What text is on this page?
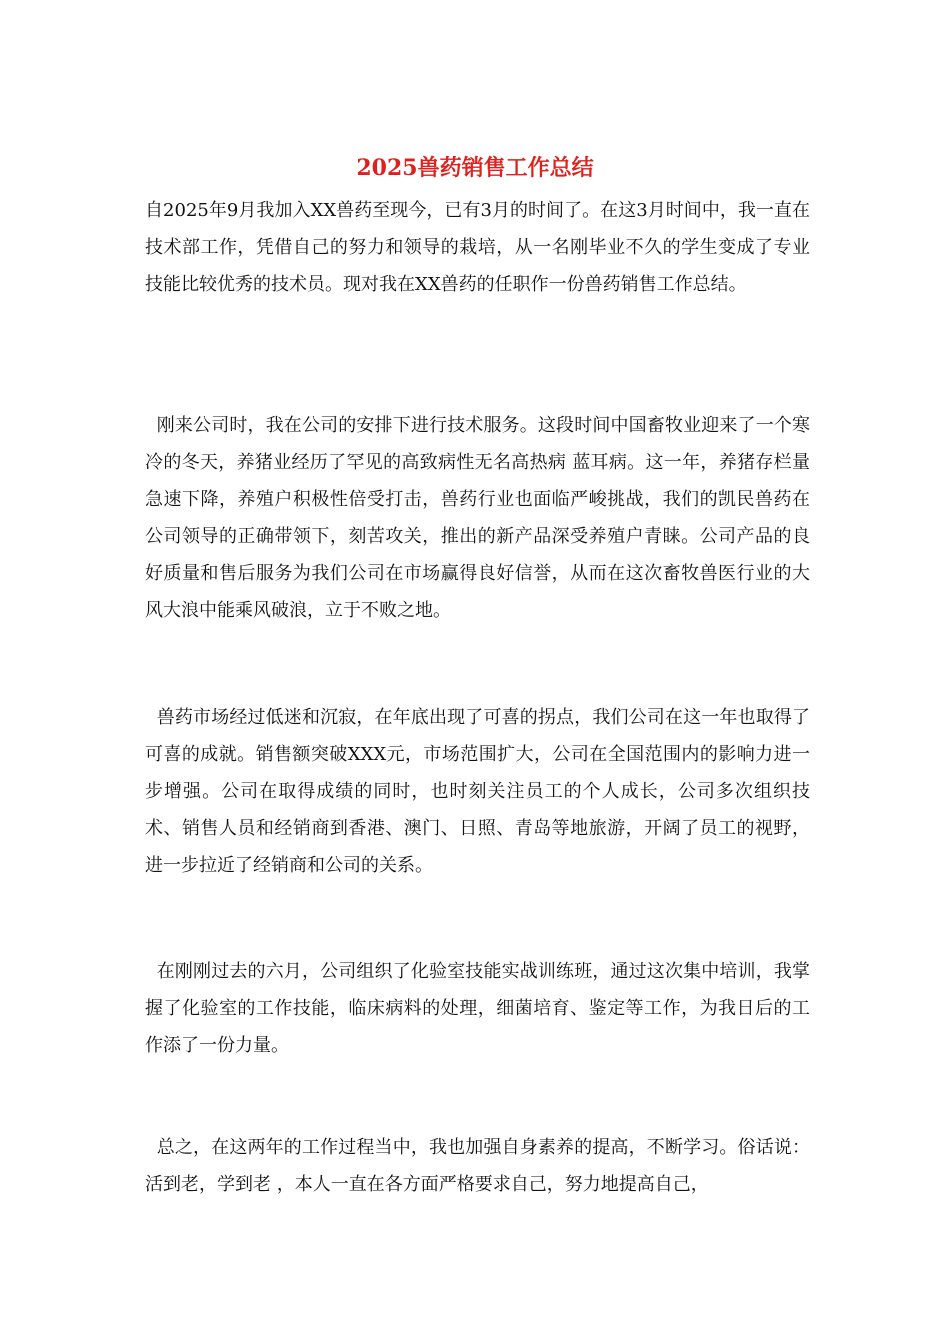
2025兽药销售工作总结

自2025年9月我加入XX兽药至现今，已有3月的时间了。在这3月时间中，我一直在技术部工作，凭借自己的努力和领导的栽培，从一名刚毕业不久的学生变成了专业技能比较优秀的技术员。现对我在XX兽药的任职作一份兽药销售工作总结。

刚来公司时，我在公司的安排下进行技术服务。这段时间中国畜牧业迎来了一个寒冷的冬天，养猪业经历了罕见的高致病性无名高热病 蓝耳病。这一年，养猪存栏量急速下降，养殖户积极性倍受打击，兽药行业也面临严峻挑战，我们的凯民兽药在公司领导的正确带领下，刻苦攻关，推出的新产品深受养殖户青睐。公司产品的良好质量和售后服务为我们公司在市场赢得良好信誉，从而在这次畜牧兽医行业的大风大浪中能乘风破浪，立于不败之地。

兽药市场经过低迷和沉寂，在年底出现了可喜的拐点，我们公司在这一年也取得了可喜的成就。销售额突破XXX元，市场范围扩大，公司在全国范围内的影响力进一步增强。公司在取得成绩的同时，也时刻关注员工的个人成长，公司多次组织技术、销售人员和经销商到香港、澳门、日照、青岛等地旅游，开阔了员工的视野，进一步拉近了经销商和公司的关系。

在刚刚过去的六月，公司组织了化验室技能实战训练班，通过这次集中培训，我掌握了化验室的工作技能，临床病料的处理，细菌培育、鉴定等工作，为我日后的工作添了一份力量。

总之，在这两年的工作过程当中，我也加强自身素养的提高，不断学习。俗话说： 活到老，学到老 ，本人一直在各方面严格要求自己，努力地提高自己，
